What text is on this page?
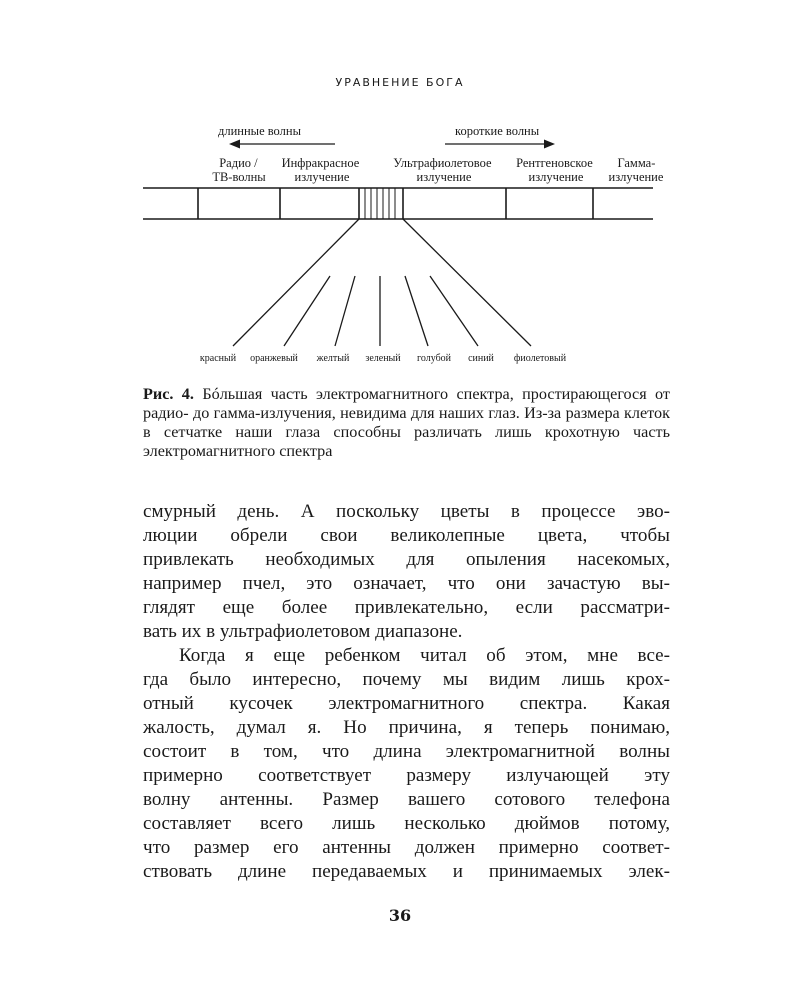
УРАВНЕНИЕ БОГА
длинные волны	короткие волны
Радио / ТВ-волны
Инфракрасное излучение
Ультрафиолетовое излучение
Рентгеновское излучение
Гамма- излучение
красный оранжевый желтый зеленый голубой синий фиолетовый
Рис. 4. Бóльшая часть электромагнитного спектра, простирающегося от радио- до гамма-излучения, невидима для наших глаз. Из-за размера клеток в сетчатке наши глаза способны различать лишь крохотную часть электромагнитного спектра
смурный день. А поскольку цветы в процессе эво-
люции обрели свои великолепные цвета, чтобы
привлекать необходимых для опыления насекомых,
например пчел, это означает, что они зачастую вы-
глядят еще более привлекательно, если рассматри-
вать их в ультрафиолетовом диапазоне.
Когда я еще ребенком читал об этом, мне все-
гда было интересно, почему мы видим лишь крох-
отный кусочек электромагнитного спектра. Какая
жалость, думал я. Но причина, я теперь понимаю,
состоит в том, что длина электромагнитной волны
примерно соответствует размеру излучающей эту
волну антенны. Размер вашего сотового телефона
составляет всего лишь несколько дюймов потому,
что размер его антенны должен примерно соответ-
ствовать длине передаваемых и принимаемых элек-
36
